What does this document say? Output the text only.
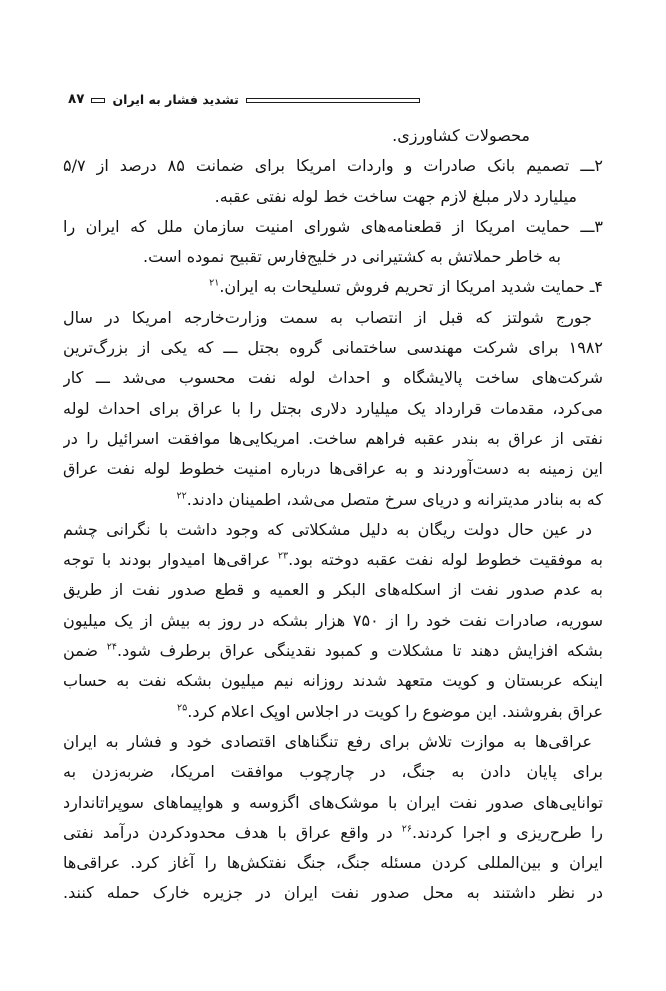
۸۷ تشدید فشار به ایران
محصولات کشاورزی.
۲ـــ تصمیم بانک صادرات و واردات امریکا برای ضمانت ۸۵ درصد از ۵/۷
میلیارد دلار مبلغ لازم جهت ساخت خط لوله نفتی عقبه.
۳ـــ حمایت امریکا از قطعنامه‌های شورای امنیت سازمان ملل که ایران را
به خاطر حملاتش به کشتیرانی در خلیج‌فارس تقبیح نموده است.
۴ـ حمایت شدید امریکا از تحریم فروش تسلیحات به ایران.$^{۲۱}$
جورج شولتز که قبل از انتصاب به سمت وزارت‌خارجه امریکا در سال
۱۹۸۲ برای شرکت مهندسی ساختمانی گروه بجتل ـــ که یکی از بزرگ‌ترین
شرکت‌های ساخت پالایشگاه و احداث لوله نفت محسوب می‌شد ـــ کار
می‌کرد، مقدمات قرارداد یک میلیارد دلاری بجتل را با عراق برای احداث لوله
نفتی از عراق به بندر عقبه فراهم ساخت. امریکایی‌ها موافقت اسرائیل را در
این زمینه به دست‌آوردند و به عراقی‌ها درباره امنیت خطوط لوله نفت عراق
که به بنادر مدیترانه و دریای سرخ متصل می‌شد، اطمینان دادند.$^{۲۲}$
در عین حال دولت ریگان به دلیل مشکلاتی که وجود داشت با نگرانی چشم
به موفقیت خطوط لوله نفت عقبه دوخته بود.$^{۲۳}$ عراقی‌ها امیدوار بودند با توجه
به عدم صدور نفت از اسکله‌های البکر و العمیه و قطع صدور نفت از طریق
سوریه، صادرات نفت خود را از ۷۵۰ هزار بشکه در روز به بیش از یک میلیون
بشکه افزایش دهند تا مشکلات و کمبود نقدینگی عراق برطرف شود.$^{۲۴}$ ضمن
اینکه عربستان و کویت متعهد شدند روزانه نیم میلیون بشکه نفت به حساب
عراق بفروشند. این موضوع را کویت در اجلاس اوپک اعلام کرد.$^{۲۵}$
عراقی‌ها به موازت تلاش برای رفع تنگناهای اقتصادی خود و فشار به ایران
برای پایان دادن به جنگ، در چارچوب موافقت امریکا، ضربه‌زدن به
توانایی‌های صدور نفت ایران با موشک‌های اگزوسه و هواپیماهای سوپراتاندارد
را طرح‌ریزی و اجرا کردند.$^{۲۶}$ در واقع عراق با هدف محدودکردن درآمد نفتی
ایران و بین‌المللی کردن مسئله جنگ، جنگ نفتکش‌ها را آغاز کرد. عراقی‌ها
در نظر داشتند به محل صدور نفت ایران در جزیره خارک حمله کنند.
